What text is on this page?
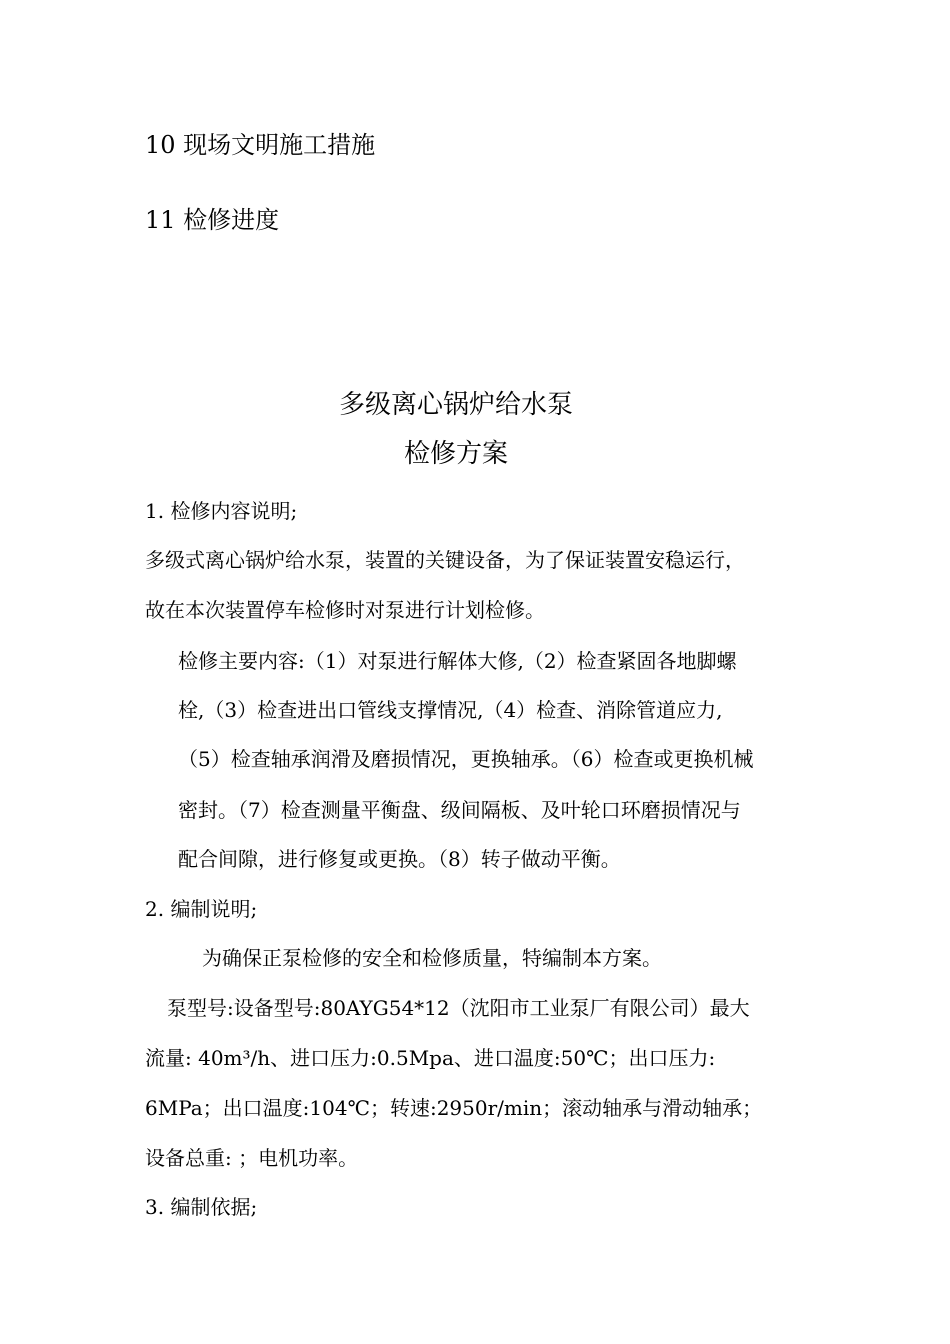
10 现场文明施工措施
11 检修进度
多级离心锅炉给水泵
检修方案
1. 检修内容说明;
多级式离心锅炉给水泵，装置的关键设备，为了保证装置安稳运行，
故在本次装置停车检修时对泵进行计划检修。
检修主要内容:（1）对泵进行解体大修,（2）检查紧固各地脚螺
栓,（3）检查进出口管线支撑情况,（4）检查、消除管道应力,
（5）检查轴承润滑及磨损情况，更换轴承。（6）检查或更换机械
密封。（7）检查测量平衡盘、级间隔板、及叶轮口环磨损情况与
配合间隙，进行修复或更换。（8）转子做动平衡。
2. 编制说明;
为确保正泵检修的安全和检修质量，特编制本方案。
泵型号:设备型号:80AYG54*12（沈阳市工业泵厂有限公司）最大
流量: 40m³/h、进口压力:0.5Mpa、进口温度:50℃；出口压力:
6MPa；出口温度:104℃；转速:2950r/min；滚动轴承与滑动轴承；
设备总重: ；电机功率。
3. 编制依据;
